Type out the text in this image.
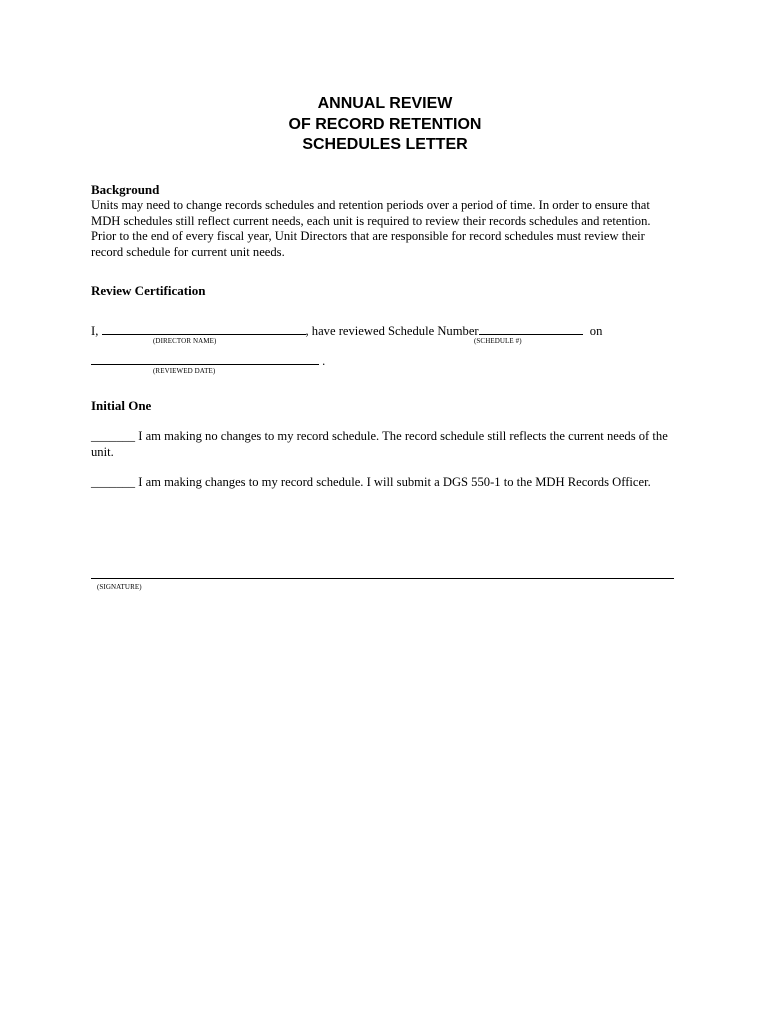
ANNUAL REVIEW
OF RECORD RETENTION
SCHEDULES LETTER
Background
Units may need to change records schedules and retention periods over a period of time. In order to ensure that MDH schedules still reflect current needs, each unit is required to review their records schedules and retention. Prior to the end of every fiscal year, Unit Directors that are responsible for record schedules must review their record schedule for current unit needs.
Review Certification
I,	, have reviewed Schedule Number	on
(DIRECTOR NAME)	(SCHEDULE #)
.
(REVIEWED DATE)
Initial One
_______ I am making no changes to my record schedule. The record schedule still reflects the current needs of the unit.
_______ I am making changes to my record schedule. I will submit a DGS 550-1 to the MDH Records Officer.
(SIGNATURE)
